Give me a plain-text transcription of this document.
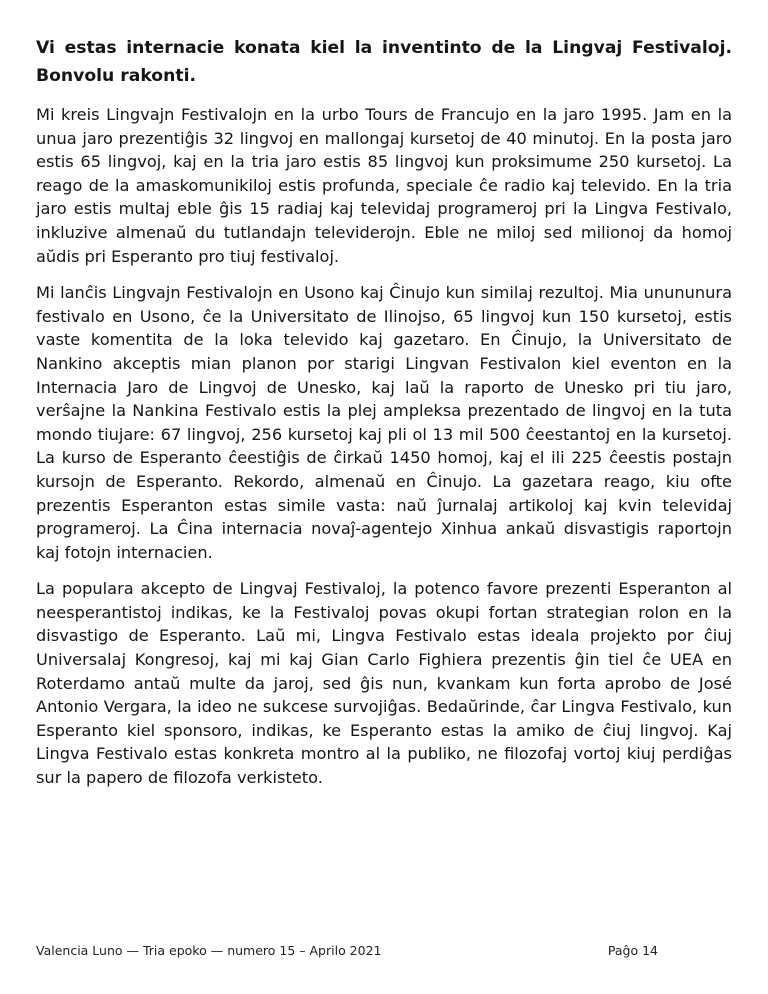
Vi estas internacie konata kiel la inventinto de la Lingvaj Festivaloj. Bonvolu rakonti.

Mi kreis Lingvajn Festivalojn en la urbo Tours de Francujo en la jaro 1995. Jam en la unua jaro prezentiĝis 32 lingvoj en mallongaj kursetoj de 40 minutoj. En la posta jaro estis 65 lingvoj, kaj en la tria jaro estis 85 lingvoj kun proksimume 250 kursetoj. La reago de la amaskomunikiloj estis profunda, speciale ĉe radio kaj televido. En la tria jaro estis multaj eble ĝis 15 radiaj kaj televidaj programeroj pri la Lingva Festivalo, inkluzive almenaŭ du tutlandajn televiderojn. Eble ne miloj sed milionoj da homoj aŭdis pri Esperanto pro tiuj festivaloj.

Mi lanĉis Lingvajn Festivalojn en Usono kaj Ĉinujo kun similaj rezultoj. Mia unununura festivalo en Usono, ĉe la Universitato de Ilinojso, 65 lingvoj kun 150 kursetoj, estis vaste komentita de la loka televido kaj gazetaro. En Ĉinujo, la Universitato de Nankino akceptis mian planon por starigi Lingvan Festivalon kiel eventon en la Internacia Jaro de Lingvoj de Unesko, kaj laŭ la raporto de Unesko pri tiu jaro, verŝajne la Nankina Festivalo estis la plej ampleksa prezentado de lingvoj en la tuta mondo tiujare: 67 lingvoj, 256 kursetoj kaj pli ol 13 mil 500 ĉeestantoj en la kursetoj. La kurso de Esperanto ĉeestiĝis de ĉirkaŭ 1450 homoj, kaj el ili 225 ĉeestis postajn kursojn de Esperanto. Rekordo, almenaŭ en Ĉinujo. La gazetara reago, kiu ofte prezentis Esperanton estas simile vasta: naŭ ĵurnalaj artikoloj kaj kvin televidaj programeroj. La Ĉina internacia novaĵ-agentejo Xinhua ankaŭ disvastigis raportojn kaj fotojn internacien.

La populara akcepto de Lingvaj Festivaloj, la potenco favore prezenti Esperanton al neesperantistoj indikas, ke la Festivaloj povas okupi fortan strategian rolon en la disvastigo de Esperanto. Laŭ mi, Lingva Festivalo estas ideala projekto por ĉiuj Universalaj Kongresoj, kaj mi kaj Gian Carlo Fighiera prezentis ĝin tiel ĉe UEA en Roterdamo antaŭ multe da jaroj, sed ĝis nun, kvankam kun forta aprobo de José Antonio Vergara, la ideo ne sukcese survojiĝas. Bedaŭrinde, ĉar Lingva Festivalo, kun Esperanto kiel sponsoro, indikas, ke Esperanto estas la amiko de ĉiuj lingvoj. Kaj Lingva Festivalo estas konkreta montro al la publiko, ne filozofaj vortoj kiuj perdiĝas sur la papero de filozofa verkisteto.

Valencia Luno — Tria epoko — numero 15 – Aprilo 2021	Paĝo 14
